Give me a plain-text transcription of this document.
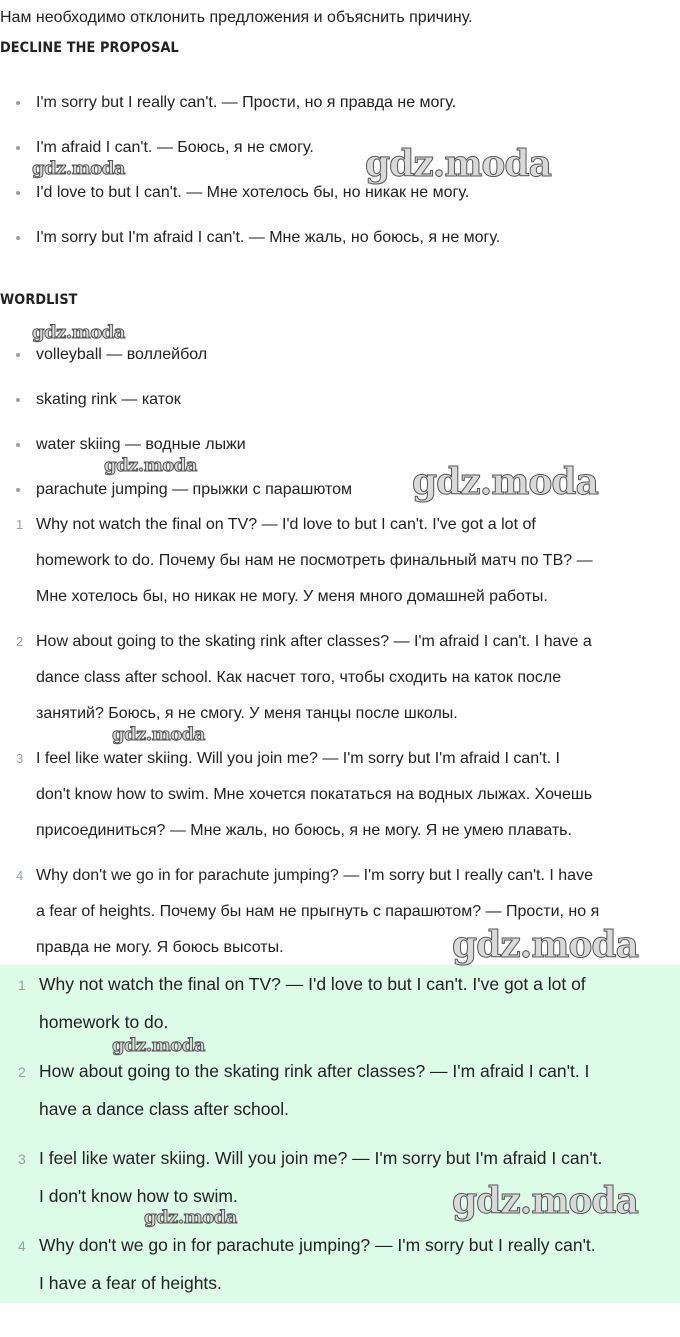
Нам необходимо отклонить предложения и объяснить причину.
DECLINE THE PROPOSAL
I'm sorry but I really can't. — Прости, но я правда не могу.
I'm afraid I can't. — Боюсь, я не смогу.
I'd love to but I can't. — Мне хотелось бы, но никак не могу.
I'm sorry but I'm afraid I can't. — Мне жаль, но боюсь, я не могу.
WORDLIST
volleyball — воллейбол
skating rink — каток
water skiing — водные лыжи
parachute jumping — прыжки с парашютом
1 Why not watch the final on TV? — I'd love to but I can't. I've got a lot of
homework to do. Почему бы нам не посмотреть финальный матч по ТВ? —
Мне хотелось бы, но никак не могу. У меня много домашней работы.
2 How about going to the skating rink after classes? — I'm afraid I can't. I have a
dance class after school. Как насчет того, чтобы сходить на каток после
занятий? Боюсь, я не смогу. У меня танцы после школы.
3 I feel like water skiing. Will you join me? — I'm sorry but I'm afraid I can't. I
don't know how to swim. Мне хочется покататься на водных лыжах. Хочешь
присоединиться? — Мне жаль, но боюсь, я не могу. Я не умею плавать.
4 Why don't we go in for parachute jumping? — I'm sorry but I really can't. I have
a fear of heights. Почему бы нам не прыгнуть с парашютом? — Прости, но я
правда не могу. Я боюсь высоты.
1 Why not watch the final on TV? — I'd love to but I can't. I've got a lot of
homework to do.
2 How about going to the skating rink after classes? — I'm afraid I can't. I
have a dance class after school.
3 I feel like water skiing. Will you join me? — I'm sorry but I'm afraid I can't.
I don't know how to swim.
4 Why don't we go in for parachute jumping? — I'm sorry but I really can't.
I have a fear of heights.
gdz.moda	gdz.moda
gdz.moda
gdz.moda	gdz.moda
gdz.moda
gdz.moda
gdz.moda
gdz.moda
gdz.moda
